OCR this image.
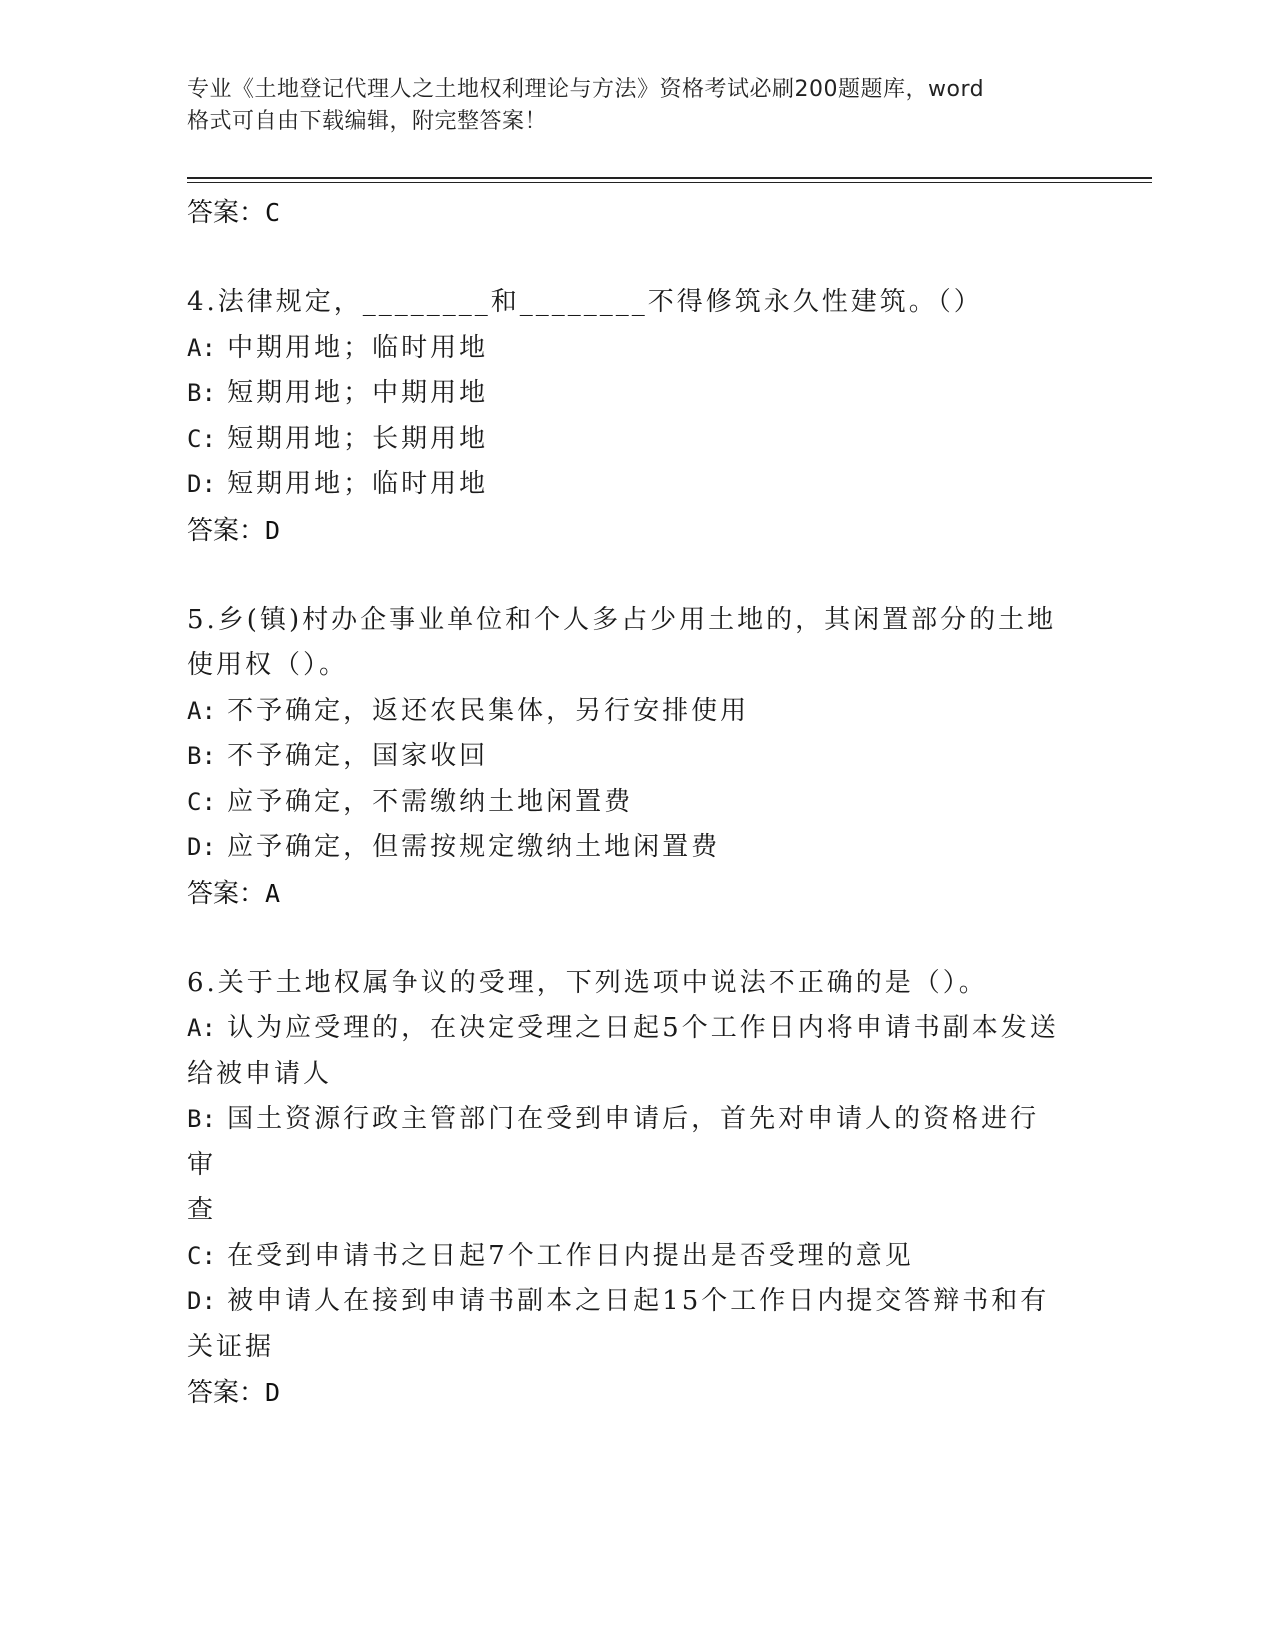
专业《土地登记代理人之土地权利理论与方法》资格考试必刷200题题库，word
格式可自由下载编辑，附完整答案！
答案：C
4.法律规定，________和________不得修筑永久性建筑。（）
A: 中期用地；临时用地
B: 短期用地；中期用地
C: 短期用地；长期用地
D: 短期用地；临时用地
答案：D
5.乡(镇)村办企事业单位和个人多占少用土地的，其闲置部分的土地
使用权（）。
A: 不予确定，返还农民集体，另行安排使用
B: 不予确定，国家收回
C: 应予确定，不需缴纳土地闲置费
D: 应予确定，但需按规定缴纳土地闲置费
答案：A
6.关于土地权属争议的受理，下列选项中说法不正确的是（）。
A: 认为应受理的，在决定受理之日起5个工作日内将申请书副本发送
给被申请人
B: 国土资源行政主管部门在受到申请后，首先对申请人的资格进行审
查
C: 在受到申请书之日起7个工作日内提出是否受理的意见
D: 被申请人在接到申请书副本之日起15个工作日内提交答辩书和有
关证据
答案：D
